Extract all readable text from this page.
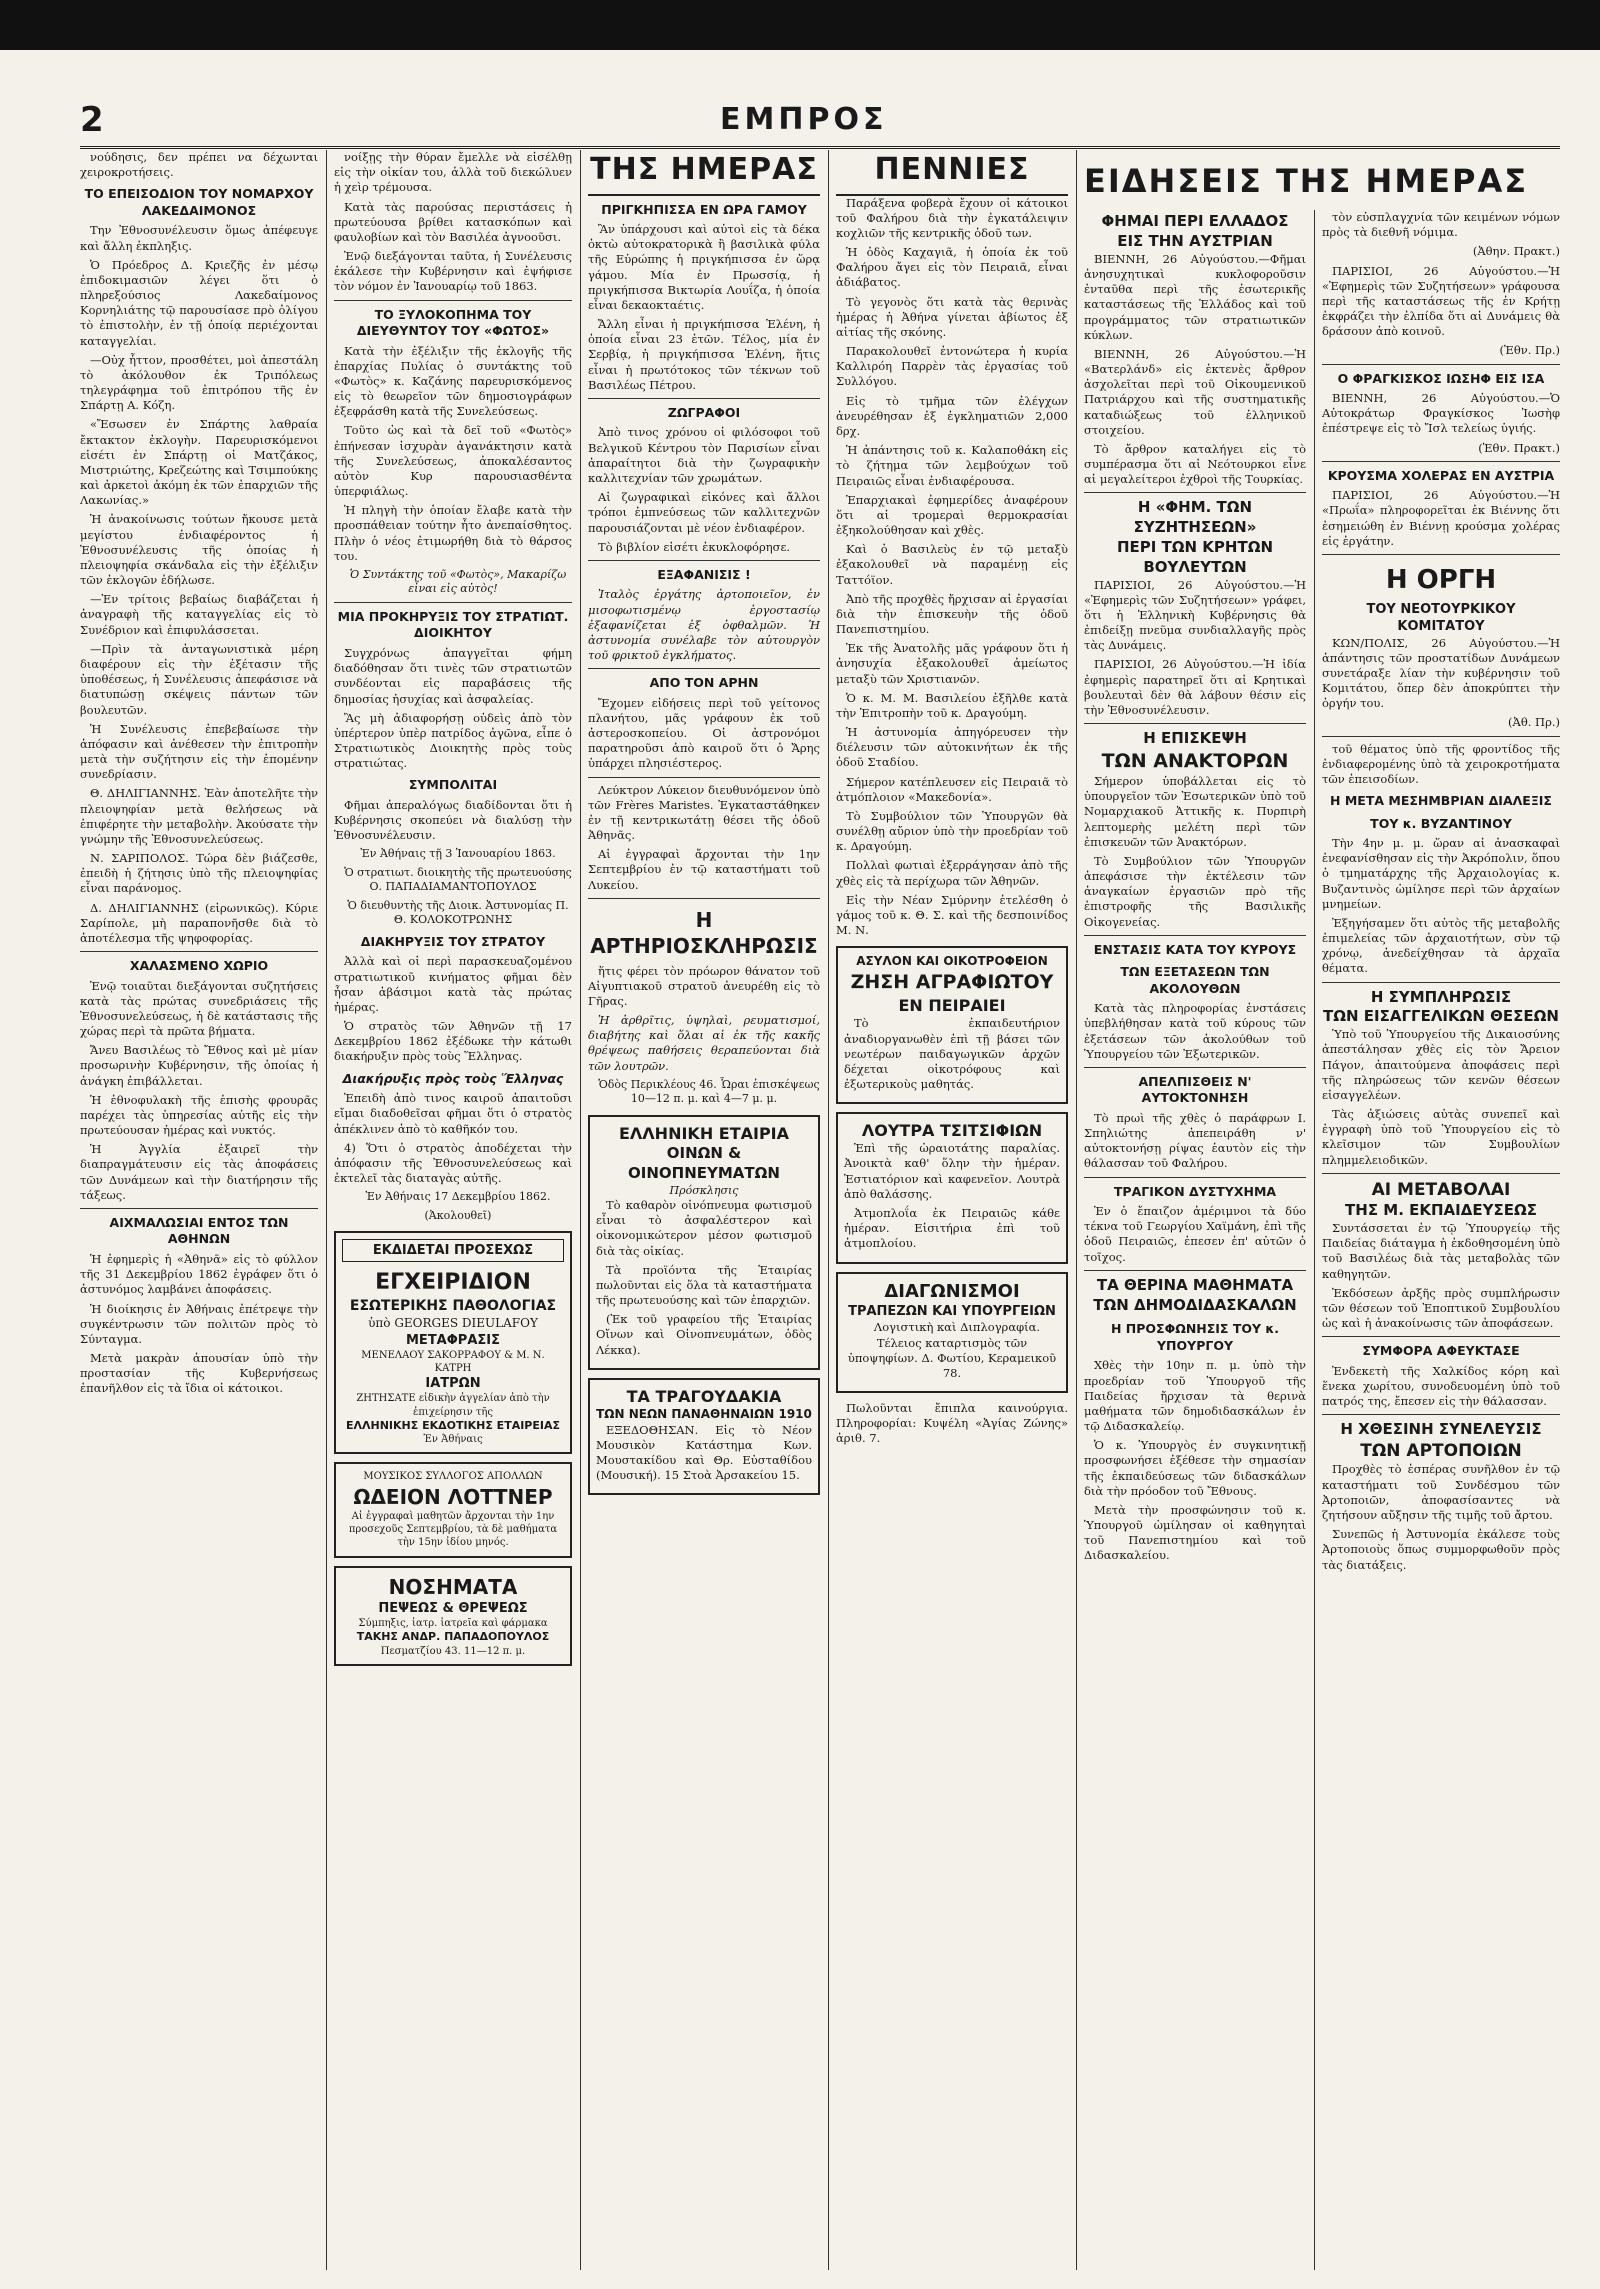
2	ΕΜΠΡΟΣ

νούδησις, δεν πρέπει να δέχωνται χειροκροτήσεις.

ΤΟ ΕΠΕΙΣΟΔΙΟΝ ΤΟΥ ΝΟΜΑΡΧΟΥ ΛΑΚΕΔΑΙΜΟΝΟΣ

Την Ἐθνοσυνέλευσιν ὅμως ἀπέφευγε καὶ ἄλλη ἐκπληξις.

Ὁ Πρόεδρος Δ. Κριεζῆς ἐν μέσῳ ἐπιδοκιμασιῶν λέγει ὅτι ὁ πληρεξούσιος Λακεδαίμονος Κορνηλιάτης τῷ παρουσίασε πρὸ ὀλίγου τὸ ἐπιστολὴν, ἐν τῇ ὁποίᾳ περιέχονται καταγγελίαι.

—Οὐχ ἧττον, προσθέτει, μοὶ ἀπεστάλη τὸ ἀκόλουθον ἐκ Τριπόλεως τηλεγράφημα τοῦ ἐπιτρόπου τῆς ἐν Σπάρτῃ Α. Κόζη.

«Ἔσωσεν ἐν Σπάρτης λαθραία ἔκτακτον ἐκλογὴν. Παρευρισκόμενοι εἰσέτι ἐν Σπάρτῃ οἱ Ματζάκος, Μιστριώτης, Κρεζεώτης καὶ Τσιμπούκης καὶ ἀρκετοὶ ἀκόμη ἐκ τῶν ἐπαρχιῶν τῆς Λακωνίας.»

Ἡ ἀνακοίνωσις τούτων ἤκουσε μετὰ μεγίστου ἐνδιαφέροντος ἡ Ἐθνοσυνέλευσις τῆς ὁποίας ἡ πλειοψηφία σκάνδαλα εἰς τὴν ἐξέλιξιν τῶν ἐκλογῶν ἐδήλωσε.

—Ἐν τρίτοις βεβαίως διαβάζεται ἡ ἀναγραφὴ τῆς καταγγελίας εἰς τὸ Συνέδριον καὶ ἐπιφυλάσσεται.

—Πρὶν τὰ ἀνταγωνιστικὰ μέρη διαφέρουν εἰς τὴν ἐξέτασιν τῆς ὑποθέσεως, ἡ Συνέλευσις ἀπεφάσισε νὰ διατυπώσῃ σκέψεις πάντων τῶν βουλευτῶν.

Ἡ Συνέλευσις ἐπεβεβαίωσε τὴν ἀπόφασιν καὶ ἀνέθεσεν τὴν ἐπιτροπὴν μετὰ τὴν συζήτησιν εἰς τὴν ἐπομένην συνεδρίασιν.

Θ. ΔΗΛΙΓΙΑΝΝΗΣ. Ἐὰν ἀποτελῆτε τὴν πλειοψηφίαν μετὰ θελήσεως νὰ ἐπιφέρητε τὴν μεταβολὴν. Ἀκούσατε τὴν γνώμην τῆς Ἐθνοσυνελεύσεως.

Ν. ΣΑΡΙΠΟΛΟΣ. Τώρα δὲν βιάζεσθε, ἐπειδὴ ἡ ζήτησις ὑπὸ τῆς πλειοψηφίας εἶναι παράνομος.

Δ. ΔΗΛΙΓΙΑΝΝΗΣ (εἰρωνικῶς). Κύριε Σαρίπολε, μὴ παραπονῆσθε διὰ τὸ ἀποτέλεσμα τῆς ψηφοφορίας.

ΧΑΛΑΣΜΕΝΟ ΧΩΡΙΟ

Ἐνῷ τοιαῦται διεξάγονται συζητήσεις κατὰ τὰς πρώτας συνεδριάσεις τῆς Ἐθνοσυνελεύσεως, ἡ δὲ κατάστασις τῆς χώρας περὶ τὰ πρῶτα βήματα.

Ἄνευ Βασιλέως τὸ Ἔθνος καὶ μὲ μίαν προσωρινὴν Κυβέρνησιν, τῆς ὁποίας ἡ ἀνάγκη ἐπιβάλλεται.

Ἡ ἐθνοφυλακὴ τῆς ἐπισὴς φρουρᾶς παρέχει τὰς ὑπηρεσίας αὐτῆς εἰς τὴν πρωτεύουσαν ἡμέρας καὶ νυκτός.

Ἡ Ἀγγλία ἐξαιρεῖ τὴν διαπραγμάτευσιν εἰς τὰς ἀποφάσεις τῶν Δυνάμεων καὶ τὴν διατήρησιν τῆς τάξεως.

ΑΙΧΜΑΛΩΣΙΑΙ ΕΝΤΟΣ ΤΩΝ ΑΘΗΝΩΝ

Ἡ ἐφημερὶς ἡ «Ἀθηνᾶ» εἰς τὸ φύλλον τῆς 31 Δεκεμβρίου 1862 ἐγράφεν ὅτι ὁ ἀστυνόμος λαμβάνει ἀποφάσεις.

Ἡ διοίκησις ἐν Ἀθήναις ἐπέτρεψε τὴν συγκέντρωσιν τῶν πολιτῶν πρὸς τὸ Σύνταγμα.

Μετὰ μακρὰν ἀπουσίαν ὑπὸ τὴν προστασίαν τῆς Κυβερνήσεως ἐπανῆλθον εἰς τὰ ἴδια οἱ κάτοικοι.

νοίξῃς τὴν θύραν ἔμελλε νὰ εἰσέλθῃ εἰς τὴν οἰκίαν του, ἀλλὰ τοῦ διεκώλυεν ἡ χεὶρ τρέμουσα.

Κατὰ τὰς παρούσας περιστάσεις ἡ πρωτεύουσα βρίθει κατασκόπων καὶ φαυλοβίων καὶ τὸν Βασιλέα ἀγνοοῦσι.

Ἐνῷ διεξάγονται ταῦτα, ἡ Συνέλευσις ἐκάλεσε τὴν Κυβέρνησιν καὶ ἐψήφισε τὸν νόμον ἐν Ἰανουαρίῳ τοῦ 1863.

ΤΟ ΞΥΛΟΚΟΠΗΜΑ ΤΟΥ ΔΙΕΥΘΥΝΤΟΥ ΤΟΥ «ΦΩΤΟΣ»

Κατὰ τὴν ἐξέλιξιν τῆς ἐκλογῆς τῆς ἐπαρχίας Πυλίας ὁ συντάκτης τοῦ «Φωτὸς» κ. Καζάνης παρευρισκόμενος εἰς τὸ θεωρεῖον τῶν δημοσιογράφων ἐξεφράσθη κατὰ τῆς Συνελεύσεως.

Τοῦτο ὡς καὶ τὰ δεῖ τοῦ «Φωτὸς» ἐπήνεσαν ἰσχυρὰν ἀγανάκτησιν κατὰ τῆς Συνελεύσεως, ἀποκαλέσαντος αὐτὸν Κυρ παρουσιασθέντα ὑπερφιάλως.

Ἡ πληγὴ τὴν ὁποίαν ἔλαβε κατὰ τὴν προσπάθειαν τούτην ἦτο ἀνεπαίσθητος. Πλὴν ὁ νέος ἐτιμωρήθη διὰ τὸ θάρσος του.

Ὁ Συντάκτης τοῦ «Φωτὸς», Μακαρίζω εἶναι εἰς αὐτὸς!

ΜΙΑ ΠΡΟΚΗΡΥΞΙΣ ΤΟΥ ΣΤΡΑΤΙΩΤ. ΔΙΟΙΚΗΤΟΥ

Συγχρόνως ἀπαγγεῖται φήμη διαδόθησαν ὅτι τινὲς τῶν στρατιωτῶν συνδέονται εἰς παραβάσεις τῆς δημοσίας ἡσυχίας καὶ ἀσφαλείας.

Ἂς μὴ ἀδιαφορήσῃ οὐδεὶς ἀπὸ τὸν ὑπέρτερον ὑπὲρ πατρίδος ἀγῶνα, εἶπε ὁ Στρατιωτικὸς Διοικητὴς πρὸς τοὺς στρατιώτας.

ΣΥΜΠΟΛΙΤΑΙ

Φῆμαι ἀπεραλόγως διαδίδονται ὅτι ἡ Κυβέρνησις σκοπεύει νὰ διαλύσῃ τὴν Ἐθνοσυνέλευσιν.

Ἐν Ἀθήναις τῇ 3 Ἰανουαρίου 1863.

Ὁ στρατιωτ. διοικητὴς τῆς πρωτευούσης Ο. ΠΑΠΑΔΙΑΜΑΝΤΟΠΟΥΛΟΣ

Ὁ διευθυντὴς τῆς Διοικ. Ἀστυνομίας Π. Θ. ΚΟΛΟΚΟΤΡΩΝΗΣ

ΔΙΑΚΗΡΥΞΙΣ ΤΟΥ ΣΤΡΑΤΟΥ

Ἀλλὰ καὶ οἱ περὶ παρασκευαζομένου στρατιωτικοῦ κινήματος φῆμαι δὲν ἦσαν ἀβάσιμοι κατὰ τὰς πρώτας ἡμέρας.

Ὁ στρατὸς τῶν Ἀθηνῶν τῇ 17 Δεκεμβρίου 1862 ἐξέδωκε τὴν κάτωθι διακήρυξιν πρὸς τοὺς Ἕλληνας.

Διακήρυξις πρὸς τοὺς Ἕλληνας

Ἐπειδὴ ἀπὸ τινος καιροῦ ἀπαιτοῦσι εἴμαι διαδοθεῖσαι φῆμαι ὅτι ὁ στρατὸς ἀπέκλινεν ἀπὸ τὸ καθῆκόν του.

4) Ὅτι ὁ στρατὸς ἀποδέχεται τὴν ἀπόφασιν τῆς Ἐθνοσυνελεύσεως καὶ ἐκτελεῖ τὰς διαταγὰς αὐτῆς.

Ἐν Ἀθήναις 17 Δεκεμβρίου 1862.

(Ἀκολουθεῖ)

ΕΚΔΙΔΕΤΑΙ ΠΡΟΣΕΧΩΣ
ΕΓΧΕΙΡΙΔΙΟΝ
ΕΣΩΤΕΡΙΚΗΣ ΠΑΘΟΛΟΓΙΑΣ
ὑπὸ GEORGES DIEULAFOY
ΜΕΤΑΦΡΑΣΙΣ
ΜΕΝΕΛΑΟΥ ΣΑΚΟΡΡΑΦΟΥ & Μ. Ν. ΚΑΤΡΗ
ΙΑΤΡΩΝ
ΖΗΤΗΣΑΤΕ εἰδικὴν ἀγγελίαν ἀπὸ τὴν ἐπιχείρησιν τῆς
ΕΛΛΗΝΙΚΗΣ ΕΚΔΟΤΙΚΗΣ ΕΤΑΙΡΕΙΑΣ
Ἐν Ἀθήναις
ΜΟΥΣΙΚΟΣ ΣΥΛΛΟΓΟΣ ΑΠΟΛΛΩΝ
ΩΔΕΙΟΝ ΛΟΤΤΝΕΡ
Αἱ ἐγγραφαὶ μαθητῶν ἄρχονται τὴν 1ην προσεχοῦς Σεπτεμβρίου, τὰ δὲ μαθήματα τὴν 15ην ἰδίου μηνός.
ΝΟΣΗΜΑΤΑ
ΠΕΨΕΩΣ & ΘΡΕΨΕΩΣ
Σύμπηξις, ἰατρ. ἰατρεῖα καὶ φάρμακα
ΤΑΚΗΣ ΑΝΔΡ. ΠΑΠΑΔΟΠΟΥΛΟΣ
Πεσματζίου 43. 11—12 π. μ.
ΤΗΣ ΗΜΕΡΑΣ
ΠΡΙΓΚΗΠΙΣΣΑ ΕΝ ΩΡΑ ΓΑΜΟΥ

Ἂν ὑπάρχουσι καὶ αὐτοὶ εἰς τὰ δέκα ὀκτὼ αὐτοκρατορικὰ ἢ βασιλικὰ φύλα τῆς Εὐρώπης ἡ πριγκήπισσα ἐν ὥρᾳ γάμου. Μία ἐν Πρωσσίᾳ, ἡ πριγκήπισσα Βικτωρία Λουΐζα, ἡ ὁποία εἶναι δεκαοκταέτις.

Ἄλλη εἶναι ἡ πριγκήπισσα Ἑλένη, ἡ ὁποία εἶναι 23 ἐτῶν. Τέλος, μία ἐν Σερβίᾳ, ἡ πριγκήπισσα Ἑλένη, ἥτις εἶναι ἡ πρωτότοκος τῶν τέκνων τοῦ Βασιλέως Πέτρου.

ΖΩΓΡΑΦΟΙ

Ἀπὸ τινος χρόνου οἱ φιλόσοφοι τοῦ Βελγικοῦ Κέντρου τὸν Παρισίων εἶναι ἀπαραίτητοι διὰ τὴν ζωγραφικὴν καλλιτεχνίαν τῶν χρωμάτων.

Αἱ ζωγραφικαὶ εἰκόνες καὶ ἄλλοι τρόποι ἐμπνεύσεως τῶν καλλιτεχνῶν παρουσιάζονται μὲ νέον ἐνδιαφέρον.

Τὸ βιβλίον εἰσέτι ἐκυκλοφόρησε.

ΕΞΑΦΑΝΙΣΙΣ !

Ἰταλὸς ἐργάτης ἀρτοποιεῖον, ἐν μισοφωτισμένῳ ἐργοστασίῳ ἐξαφανίζεται ἐξ ὀφθαλμῶν. Ἡ ἀστυνομία συνέλαβε τὸν αὐτουργὸν τοῦ φρικτοῦ ἐγκλήματος.

ΑΠΟ ΤΟΝ ΑΡΗΝ

Ἔχομεν εἰδήσεις περὶ τοῦ γείτονος πλανήτου, μᾶς γράφουν ἐκ τοῦ ἀστεροσκοπείου. Οἱ ἀστρονόμοι παρατηροῦσι ἀπὸ καιροῦ ὅτι ὁ Ἄρης ὑπάρχει πλησιέστερος.

Λεύκτρον Λύκειον διευθυνόμενον ὑπὸ τῶν Frères Maristes. Ἐγκαταστάθηκεν ἐν τῇ κεντρικωτάτῃ θέσει τῆς ὁδοῦ Ἀθηνᾶς.

Αἱ ἐγγραφαὶ ἄρχονται τὴν 1ην Σεπτεμβρίου ἐν τῷ καταστήματι τοῦ Λυκείου.

Η ΑΡΤΗΡΙΟΣΚΛΗΡΩΣΙΣ

ἥτις φέρει τὸν πρόωρον θάνατον τοῦ Αἰγυπτιακοῦ στρατοῦ ἀνευρέθη εἰς τὸ Γῆρας.

Ἡ ἀρθρῖτις, ὑψηλαὶ, ρευματισμοί, διαβήτης καὶ ὅλαι αἱ ἐκ τῆς κακῆς θρέψεως παθήσεις θεραπεύονται διὰ τῶν λουτρῶν.

Ὁδὸς Περικλέους 46. Ὧραι ἐπισκέψεως 10—12 π. μ. καὶ 4—7 μ. μ.

ΕΛΛΗΝΙΚΗ ΕΤΑΙΡΙΑ
ΟΙΝΩΝ & ΟΙΝΟΠΝΕΥΜΑΤΩΝ
Πρόσκλησις

Τὸ καθαρὸν οἰνόπνευμα φωτισμοῦ εἶναι τὸ ἀσφαλέστερον καὶ οἰκονομικώτερον μέσον φωτισμοῦ διὰ τὰς οἰκίας.

Τὰ προϊόντα τῆς Ἑταιρίας πωλοῦνται εἰς ὅλα τὰ καταστήματα τῆς πρωτευούσης καὶ τῶν ἐπαρχιῶν.

(Ἐκ τοῦ γραφείου τῆς Ἑταιρίας Οἴνων καὶ Οἰνοπνευμάτων, ὁδὸς Λέκκα).

ΤΑ ΤΡΑΓΟΥΔΑΚΙΑ
ΤΩΝ ΝΕΩΝ ΠΑΝΑΘΗΝΑΙΩΝ 1910

ΕΞΕΔΟΘΗΣΑΝ. Εἰς τὸ Νέον Μουσικὸν Κατάστημα Κων. Μουστακίδου καὶ Θρ. Εὐσταθίδου (Μουσική). 15 Στοὰ Ἀρσακείου 15.

ΠΕΝΝΙΕΣ

Παράξενα φοβερὰ ἔχουν οἱ κάτοικοι τοῦ Φαλήρου διὰ τὴν ἐγκατάλειψιν κοχλιῶν τῆς κεντρικῆς ὁδοῦ των.

Ἡ ὁδὸς Καχαγιᾶ, ἡ ὁποία ἐκ τοῦ Φαλήρου ἄγει εἰς τὸν Πειραιᾶ, εἶναι ἀδιάβατος.

Τὸ γεγονὸς ὅτι κατὰ τὰς θερινὰς ἡμέρας ἡ Ἀθήνα γίνεται ἀβίωτος ἐξ αἰτίας τῆς σκόνης.

Παρακολουθεῖ ἐντονώτερα ἡ κυρία Καλλιρόη Παρρὲν τὰς ἐργασίας τοῦ Συλλόγου.

Εἰς τὸ τμῆμα τῶν ἐλέγχων ἀνευρέθησαν ἐξ ἐγκληματιῶν 2,000 δρχ.

Ἡ ἀπάντησις τοῦ κ. Καλαποθάκη εἰς τὸ ζήτημα τῶν λεμβούχων τοῦ Πειραιῶς εἶναι ἐνδιαφέρουσα.

Ἐπαρχιακαὶ ἐφημερίδες ἀναφέρουν ὅτι αἱ τρομεραὶ θερμοκρασίαι ἐξηκολούθησαν καὶ χθὲς.

Καὶ ὁ Βασιλεὺς ἐν τῷ μεταξὺ ἐξακολουθεῖ νὰ παραμένῃ εἰς Ταττόϊον.

Ἀπὸ τῆς προχθὲς ἤρχισαν αἱ ἐργασίαι διὰ τὴν ἐπισκευὴν τῆς ὁδοῦ Πανεπιστημίου.

Ἐκ τῆς Ἀνατολῆς μᾶς γράφουν ὅτι ἡ ἀνησυχία ἐξακολουθεῖ ἀμείωτος μεταξὺ τῶν Χριστιανῶν.

Ὁ κ. Μ. Μ. Βασιλείου ἐξῆλθε κατὰ τὴν Ἐπιτροπὴν τοῦ κ. Δραγούμη.

Ἡ ἀστυνομία ἀπηγόρευσεν τὴν διέλευσιν τῶν αὐτοκινήτων ἐκ τῆς ὁδοῦ Σταδίου.

Σήμερον κατέπλευσεν εἰς Πειραιᾶ τὸ ἀτμόπλοιον «Μακεδονία».

Τὸ Συμβούλιον τῶν Ὑπουργῶν θὰ συνέλθῃ αὔριον ὑπὸ τὴν προεδρίαν τοῦ κ. Δραγούμη.

Πολλαὶ φωτιαὶ ἐξερράγησαν ἀπὸ τῆς χθὲς εἰς τὰ περίχωρα τῶν Ἀθηνῶν.

Εἰς τὴν Νέαν Σμύρνην ἐτελέσθη ὁ γάμος τοῦ κ. Θ. Σ. καὶ τῆς δεσποινίδος Μ. Ν.

ΑΣΥΛΟΝ ΚΑΙ ΟΙΚΟΤΡΟΦΕΙΟΝ
ΖΗΣΗ ΑΓΡΑΦΙΩΤΟΥ
ΕΝ ΠΕΙΡΑΙΕΙ

Τὸ ἐκπαιδευτήριον ἀναδιοργανωθὲν ἐπὶ τῇ βάσει τῶν νεωτέρων παιδαγωγικῶν ἀρχῶν δέχεται οἰκοτρόφους καὶ ἐξωτερικοὺς μαθητάς.

ΛΟΥΤΡΑ ΤΣΙΤΣΙΦΙΩΝ

Ἐπὶ τῆς ὡραιοτάτης παραλίας. Ἀνοικτὰ καθ' ὅλην τὴν ἡμέραν. Ἑστιατόριον καὶ καφενεῖον. Λουτρὰ ἀπὸ θαλάσσης.

Ἀτμοπλοΐα ἐκ Πειραιῶς κάθε ἡμέραν. Εἰσιτήρια ἐπὶ τοῦ ἀτμοπλοίου.

ΔΙΑΓΩΝΙΣΜΟΙ
ΤΡΑΠΕΖΩΝ ΚΑΙ ΥΠΟΥΡΓΕΙΩΝ

Λογιστικὴ καὶ Διπλογραφία. Τέλειος καταρτισμὸς τῶν ὑποψηφίων. Δ. Φωτίου, Κεραμεικοῦ 78.

Πωλοῦνται ἔπιπλα καινούργια. Πληροφορίαι: Κυψέλη «Ἀγίας Ζώνης» ἀριθ. 7.

ΕΙΔΗΣΕΙΣ ΤΗΣ ΗΜΕΡΑΣ
ΦΗΜΑΙ ΠΕΡΙ ΕΛΛΑΔΟΣ
ΕΙΣ ΤΗΝ ΑΥΣΤΡΙΑΝ

ΒΙΕΝΝΗ, 26 Αὐγούστου.—Φῆμαι ἀνησυχητικαὶ κυκλοφοροῦσιν ἐνταῦθα περὶ τῆς ἐσωτερικῆς καταστάσεως τῆς Ἑλλάδος καὶ τοῦ προγράμματος τῶν στρατιωτικῶν κύκλων.

ΒΙΕΝΝΗ, 26 Αὐγούστου.—Ἡ «Βατερλάνδ» εἰς ἐκτενὲς ἄρθρον ἀσχολεῖται περὶ τοῦ Οἰκουμενικοῦ Πατριάρχου καὶ τῆς συστηματικῆς καταδιώξεως τοῦ ἑλληνικοῦ στοιχείου.

Τὸ ἄρθρον καταλήγει εἰς τὸ συμπέρασμα ὅτι αἱ Νεότουρκοι εἶνε αἱ μεγαλείτεροι ἐχθροὶ τῆς Τουρκίας.

Η «ΦΗΜ. ΤΩΝ ΣΥΖΗΤΗΣΕΩΝ»
ΠΕΡΙ ΤΩΝ ΚΡΗΤΩΝ ΒΟΥΛΕΥΤΩΝ

ΠΑΡΙΣΙΟΙ, 26 Αὐγούστου.—Ἡ «Ἐφημερὶς τῶν Συζητήσεων» γράφει, ὅτι ἡ Ἑλληνικὴ Κυβέρνησις θὰ ἐπιδείξῃ πνεῦμα συνδιαλλαγῆς πρὸς τὰς Δυνάμεις.

ΠΑΡΙΣΙΟΙ, 26 Αὐγούστου.—Ἡ ἰδία ἐφημερὶς παρατηρεῖ ὅτι αἱ Κρητικαὶ βουλευταὶ δὲν θὰ λάβουν θέσιν εἰς τὴν Ἐθνοσυνέλευσιν.

Η ΕΠΙΣΚΕΨΗ
ΤΩΝ ΑΝΑΚΤΟΡΩΝ

Σήμερον ὑποβάλλεται εἰς τὸ ὑπουργεῖον τῶν Ἐσωτερικῶν ὑπὸ τοῦ Νομαρχιακοῦ Ἀττικῆς κ. Πυρπιρὴ λεπτομερὴς μελέτη περὶ τῶν ἐπισκευῶν τῶν Ἀνακτόρων.

Τὸ Συμβούλιον τῶν Ὑπουργῶν ἀπεφάσισε τὴν ἐκτέλεσιν τῶν ἀναγκαίων ἐργασιῶν πρὸ τῆς ἐπιστροφῆς τῆς Βασιλικῆς Οἰκογενείας.

ΕΝΣΤΑΣΙΣ ΚΑΤΑ ΤΟΥ ΚΥΡΟΥΣ
ΤΩΝ ΕΞΕΤΑΣΕΩΝ ΤΩΝ ΑΚΟΛΟΥΘΩΝ

Κατὰ τὰς πληροφορίας ἐνστάσεις ὑπεβλήθησαν κατὰ τοῦ κύρους τῶν ἐξετάσεων τῶν ἀκολούθων τοῦ Ὑπουργείου τῶν Ἐξωτερικῶν.

ΑΠΕΛΠΙΣΘΕΙΣ Ν' ΑΥΤΟΚΤΟΝΗΣΗ

Τὸ πρωὶ τῆς χθὲς ὁ παράφρων Ι. Σπηλιώτης ἀπεπειράθη ν' αὐτοκτονήσῃ ρίψας ἑαυτὸν εἰς τὴν θάλασσαν τοῦ Φαλήρου.

ΤΡΑΓΙΚΟΝ ΔΥΣΤΥΧΗΜΑ

Ἐν ὁ ἔπαιζον ἀμέριμνοι τὰ δύο τέκνα τοῦ Γεωργίου Χαϊμάνη, ἐπὶ τῆς ὁδοῦ Πειραιῶς, ἐπεσεν ἐπ' αὐτῶν ὁ τοῖχος.

ΤΑ ΘΕΡΙΝΑ ΜΑΘΗΜΑΤΑ
ΤΩΝ ΔΗΜΟΔΙΔΑΣΚΑΛΩΝ
Η ΠΡΟΣΦΩΝΗΣΙΣ ΤΟΥ κ. ΥΠΟΥΡΓΟΥ

Χθὲς τὴν 10ην π. μ. ὑπὸ τὴν προεδρίαν τοῦ Ὑπουργοῦ τῆς Παιδείας ἤρχισαν τὰ θερινὰ μαθήματα τῶν δημοδιδασκάλων ἐν τῷ Διδασκαλείῳ.

Ὁ κ. Ὑπουργὸς ἐν συγκινητικῇ προσφωνήσει ἐξέθεσε τὴν σημασίαν τῆς ἐκπαιδεύσεως τῶν διδασκάλων διὰ τὴν πρόοδον τοῦ Ἔθνους.

Μετὰ τὴν προσφώνησιν τοῦ κ. Ὑπουργοῦ ὡμίλησαν οἱ καθηγηταὶ τοῦ Πανεπιστημίου καὶ τοῦ Διδασκαλείου.

τὸν εὐσπλαγχνία τῶν κειμένων νόμων πρὸς τὰ διεθνῆ νόμιμα.

(Ἀθην. Πρακτ.)

ΠΑΡΙΣΙΟΙ, 26 Αὐγούστου.—Ἡ «Ἐφημερὶς τῶν Συζητήσεων» γράφουσα περὶ τῆς καταστάσεως τῆς ἐν Κρήτῃ ἐκφράζει τὴν ἐλπίδα ὅτι αἱ Δυνάμεις θὰ δράσουν ἀπὸ κοινοῦ.

(Ἐθν. Πρ.)

Ο ΦΡΑΓΚΙΣΚΟΣ ΙΩΣΗΦ ΕΙΣ ΙΣΑ

ΒΙΕΝΝΗ, 26 Αὐγούστου.—Ὁ Αὐτοκράτωρ Φραγκίσκος Ἰωσὴφ ἐπέστρεψε εἰς τὸ Ἴσλ τελείως ὑγιής.

(Ἐθν. Πρακτ.)

ΚΡΟΥΣΜΑ ΧΟΛΕΡΑΣ ΕΝ ΑΥΣΤΡΙΑ

ΠΑΡΙΣΙΟΙ, 26 Αὐγούστου.—Ἡ «Πρωΐα» πληροφορεῖται ἐκ Βιέννης ὅτι ἐσημειώθη ἐν Βιέννῃ κρούσμα χολέρας εἰς ἐργάτην.

Η ΟΡΓΗ
ΤΟΥ ΝΕΟΤΟΥΡΚΙΚΟΥ ΚΟΜΙΤΑΤΟΥ

ΚΩΝ/ΠΟΛΙΣ, 26 Αὐγούστου.—Ἡ ἀπάντησις τῶν προστατίδων Δυνάμεων συνετάραξε λίαν τὴν κυβέρνησιν τοῦ Κομιτάτου, ὅπερ δὲν ἀποκρύπτει τὴν ὀργήν του.

(Ἀθ. Πρ.)

τοῦ θέματος ὑπὸ τῆς φροντίδος τῆς ἐνδιαφερομένης ὑπὸ τὰ χειροκροτήματα τῶν ἐπεισοδίων.

Η ΜΕΤΑ ΜΕΣΗΜΒΡΙΑΝ ΔΙΑΛΕΞΙΣ
ΤΟΥ κ. ΒΥΖΑΝΤΙΝΟΥ

Τὴν 4ην μ. μ. ὥραν αἱ ἀνασκαφαὶ ἐνεφανίσθησαν εἰς τὴν Ἀκρόπολιν, ὅπου ὁ τμηματάρχης τῆς Ἀρχαιολογίας κ. Βυζαντινὸς ὡμίλησε περὶ τῶν ἀρχαίων μνημείων.

Ἐξηγήσαμεν ὅτι αὐτὸς τῆς μεταβολῆς ἐπιμελείας τῶν ἀρχαιοτήτων, σὺν τῷ χρόνῳ, ἀνεδείχθησαν τὰ ἀρχαῖα θέματα.

Η ΣΥΜΠΛΗΡΩΣΙΣ
ΤΩΝ ΕΙΣΑΓΓΕΛΙΚΩΝ ΘΕΣΕΩΝ

Ὑπὸ τοῦ Ὑπουργείου τῆς Δικαιοσύνης ἀπεστάλησαν χθὲς εἰς τὸν Ἄρειον Πάγον, ἀπαιτούμενα ἀποφάσεις περὶ τῆς πληρώσεως τῶν κενῶν θέσεων εἰσαγγελέων.

Τὰς ἀξιώσεις αὐτὰς συνεπεῖ καὶ ἐγγραφὴ ὑπὸ τοῦ Ὑπουργείου εἰς τὸ κλεῖσιμον τῶν Συμβουλίων πλημμελειοδικῶν.

ΑΙ ΜΕΤΑΒΟΛΑΙ
ΤΗΣ Μ. ΕΚΠΑΙΔΕΥΣΕΩΣ

Συντάσσεται ἐν τῷ Ὑπουργείῳ τῆς Παιδείας διάταγμα ἡ ἐκδοθησομένη ὑπὸ τοῦ Βασιλέως διὰ τὰς μεταβολὰς τῶν καθηγητῶν.

Ἐκδόσεων ἀρξῆς πρὸς συμπλήρωσιν τῶν θέσεων τοῦ Ἐποπτικοῦ Συμβουλίου ὡς καὶ ἡ ἀνακοίνωσις τῶν ἀποφάσεων.

ΣΥΜΦΟΡΑ ΑΦΕΥΚΤΑΣΕ

Ἐνδεκετὴ τῆς Χαλκίδος κόρη καὶ ἕνεκα χωρίτου, συνοδευομένη ὑπὸ τοῦ πατρός της, ἔπεσεν εἰς τὴν θάλασσαν.

Η ΧΘΕΣΙΝΗ ΣΥΝΕΛΕΥΣΙΣ
ΤΩΝ ΑΡΤΟΠΟΙΩΝ

Προχθὲς τὸ ἑσπέρας συνῆλθον ἐν τῷ καταστήματι τοῦ Συνδέσμου τῶν Ἀρτοποιῶν, ἀποφασίσαντες νὰ ζητήσουν αὔξησιν τῆς τιμῆς τοῦ ἄρτου.

Συνεπῶς ἡ Ἀστυνομία ἐκάλεσε τοὺς Ἀρτοποιοὺς ὅπως συμμορφωθοῦν πρὸς τὰς διατάξεις.
